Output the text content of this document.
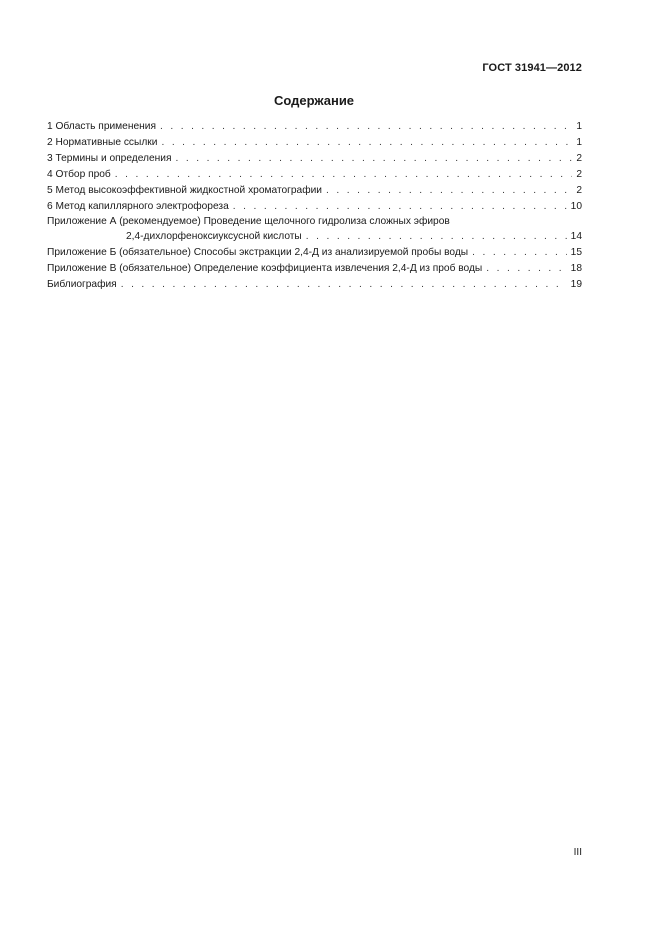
ГОСТ 31941—2012
Содержание
1 Область применения . . .	1
2 Нормативные ссылки . . .	1
3 Термины и определения . . .	2
4 Отбор проб . . .	2
5 Метод высокоэффективной жидкостной хроматографии . . .	2
6 Метод капиллярного электрофореза . . .	10
Приложение А (рекомендуемое) Проведение щелочного гидролиза сложных эфиров
2,4-дихлорфеноксиуксусной кислоты . . .	14
Приложение Б (обязательное) Способы экстракции 2,4-Д из анализируемой пробы воды . . .	15
Приложение В (обязательное) Определение коэффициента извлечения 2,4-Д из проб воды . . .	18
Библиография . . .	19
III
